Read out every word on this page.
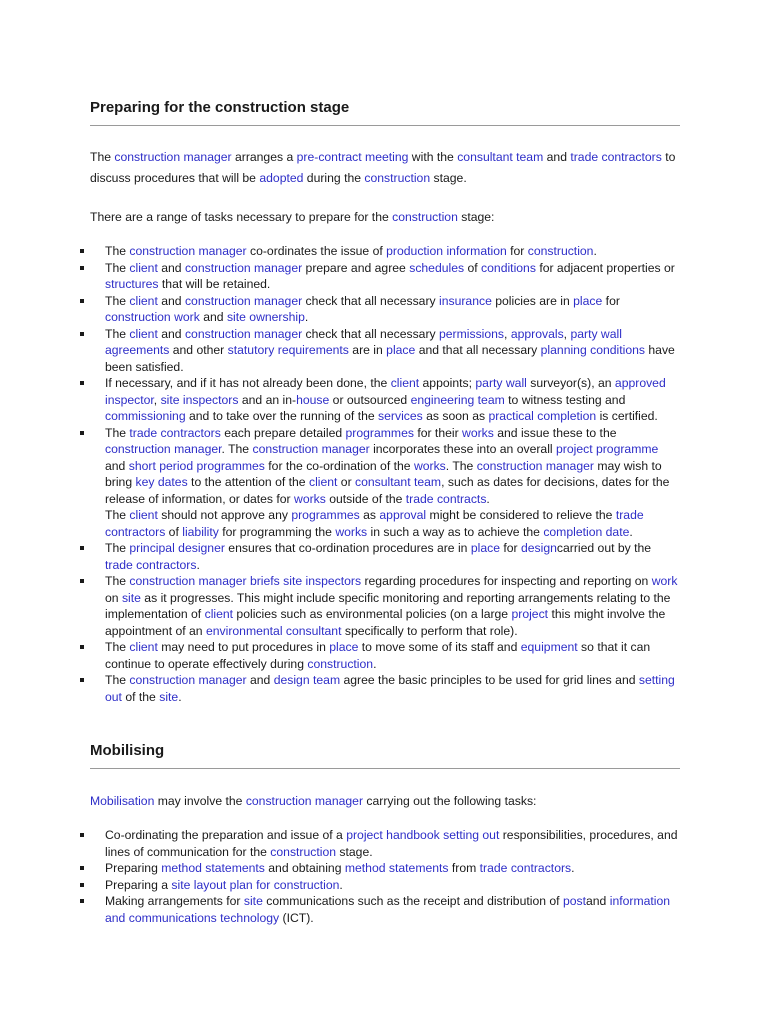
Preparing for the construction stage

The construction manager arranges a pre-contract meeting with the consultant team and trade contractors to discuss procedures that will be adopted during the construction stage.

There are a range of tasks necessary to prepare for the construction stage:

The construction manager co-ordinates the issue of production information for construction.
The client and construction manager prepare and agree schedules of conditions for adjacent properties or structures that will be retained.
The client and construction manager check that all necessary insurance policies are in place for construction work and site ownership.
The client and construction manager check that all necessary permissions, approvals, party wall agreements and other statutory requirements are in place and that all necessary planning conditions have been satisfied.
If necessary, and if it has not already been done, the client appoints; party wall surveyor(s), an approved inspector, site inspectors and an in-house or outsourced engineering team to witness testing and commissioning and to take over the running of the services as soon as practical completion is certified.
The trade contractors each prepare detailed programmes for their works and issue these to the construction manager. The construction manager incorporates these into an overall project programme and short period programmes for the co-ordination of the works. The construction manager may wish to bring key dates to the attention of the client or consultant team, such as dates for decisions, dates for the release of information, or dates for works outside of the trade contracts.
The client should not approve any programmes as approval might be considered to relieve the trade contractors of liability for programming the works in such a way as to achieve the completion date.
The principal designer ensures that co-ordination procedures are in place for designcarried out by the trade contractors.
The construction manager briefs site inspectors regarding procedures for inspecting and reporting on work on site as it progresses. This might include specific monitoring and reporting arrangements relating to the implementation of client policies such as environmental policies (on a large project this might involve the appointment of an environmental consultant specifically to perform that role).
The client may need to put procedures in place to move some of its staff and equipment so that it can continue to operate effectively during construction.
The construction manager and design team agree the basic principles to be used for grid lines and setting out of the site.
Mobilising

Mobilisation may involve the construction manager carrying out the following tasks:

Co-ordinating the preparation and issue of a project handbook setting out responsibilities, procedures, and lines of communication for the construction stage.
Preparing method statements and obtaining method statements from trade contractors.
Preparing a site layout plan for construction.
Making arrangements for site communications such as the receipt and distribution of postand information and communications technology (ICT).
